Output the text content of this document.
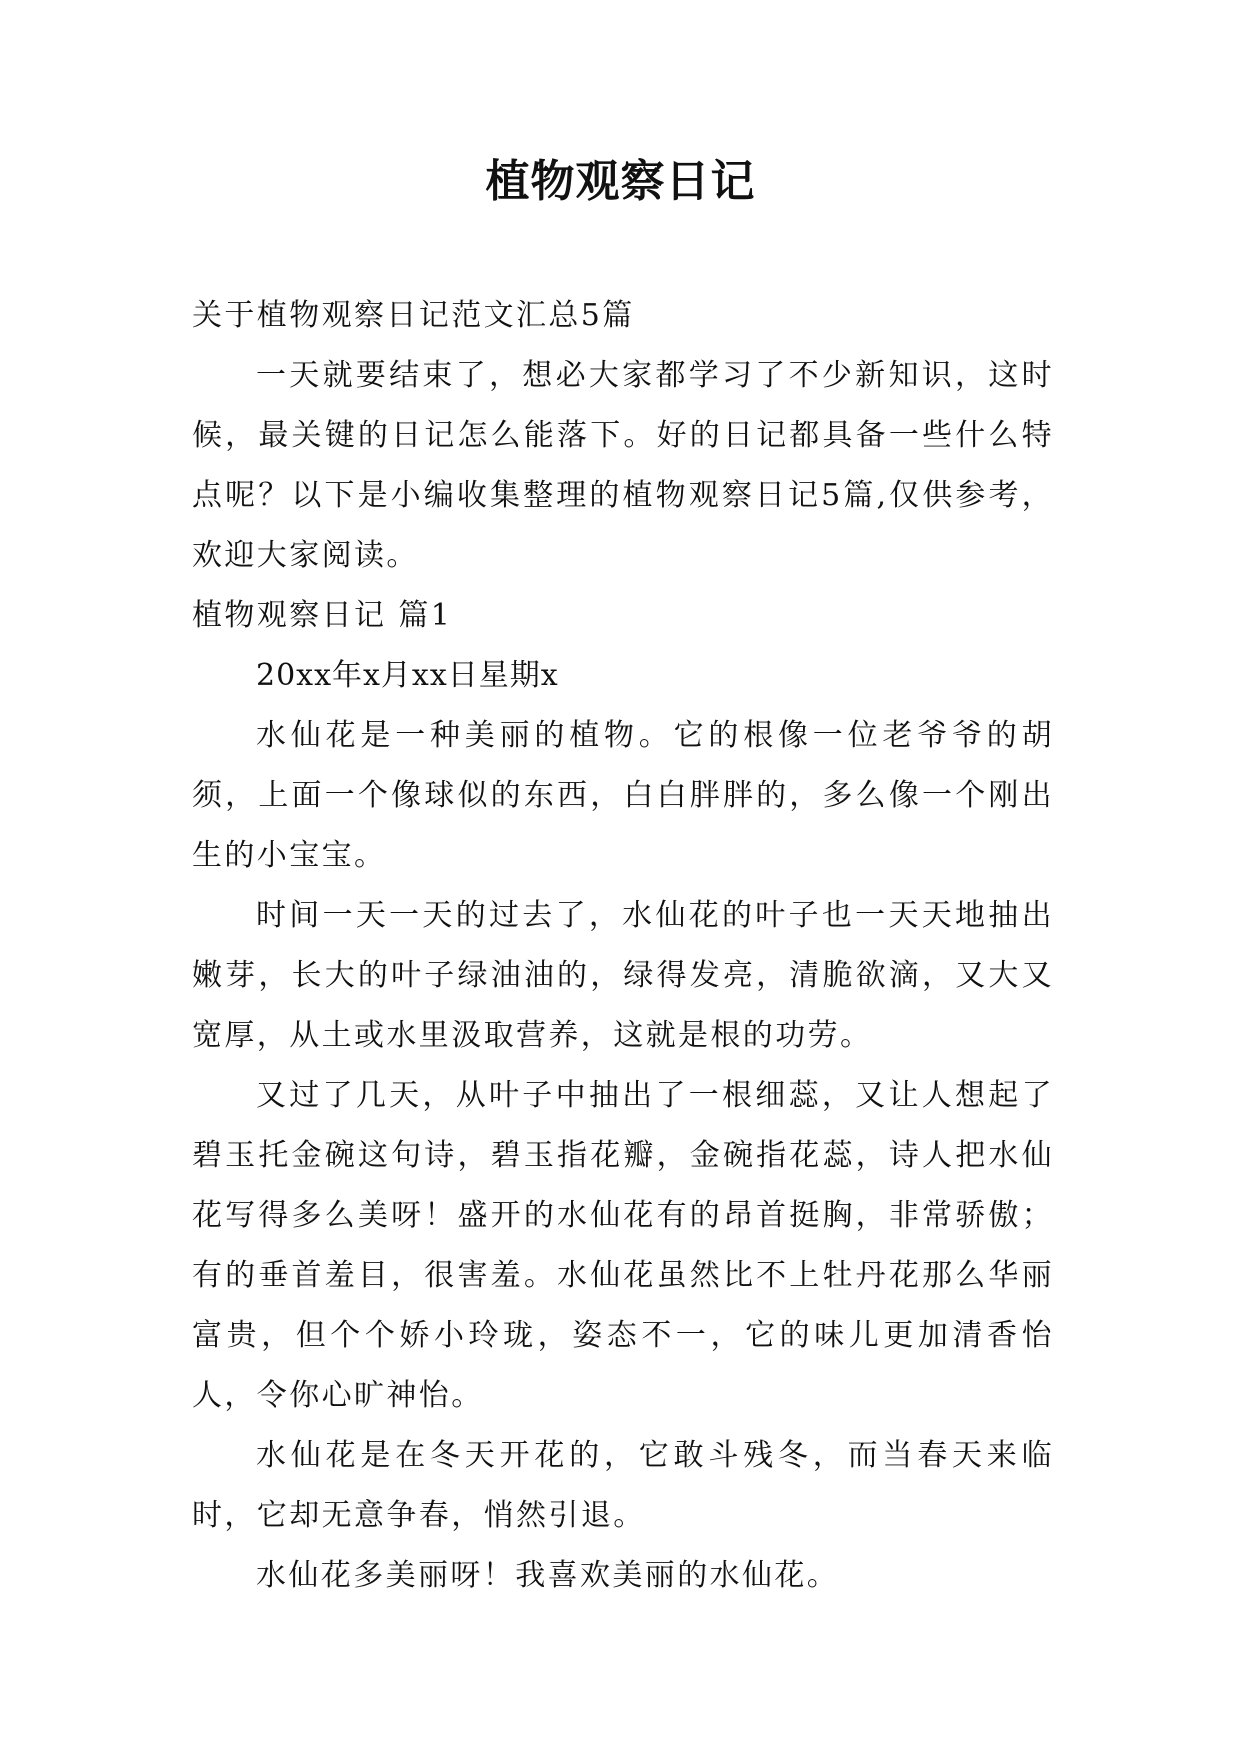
植物观察日记

关于植物观察日记范文汇总5篇

一天就要结束了，想必大家都学习了不少新知识，这时候，最关键的日记怎么能落下。好的日记都具备一些什么特点呢？以下是小编收集整理的植物观察日记5篇,仅供参考，欢迎大家阅读。

植物观察日记 篇1

20xx年x月xx日星期x

水仙花是一种美丽的植物。它的根像一位老爷爷的胡须，上面一个像球似的东西，白白胖胖的，多么像一个刚出生的小宝宝。

时间一天一天的过去了，水仙花的叶子也一天天地抽出嫩芽，长大的叶子绿油油的，绿得发亮，清脆欲滴，又大又宽厚，从土或水里汲取营养，这就是根的功劳。

又过了几天，从叶子中抽出了一根细蕊，又让人想起了碧玉托金碗这句诗，碧玉指花瓣，金碗指花蕊，诗人把水仙花写得多么美呀！盛开的水仙花有的昂首挺胸，非常骄傲；有的垂首羞目，很害羞。水仙花虽然比不上牡丹花那么华丽富贵，但个个娇小玲珑，姿态不一，它的味儿更加清香怡人，令你心旷神怡。

水仙花是在冬天开花的，它敢斗残冬，而当春天来临时，它却无意争春，悄然引退。

水仙花多美丽呀！我喜欢美丽的水仙花。
